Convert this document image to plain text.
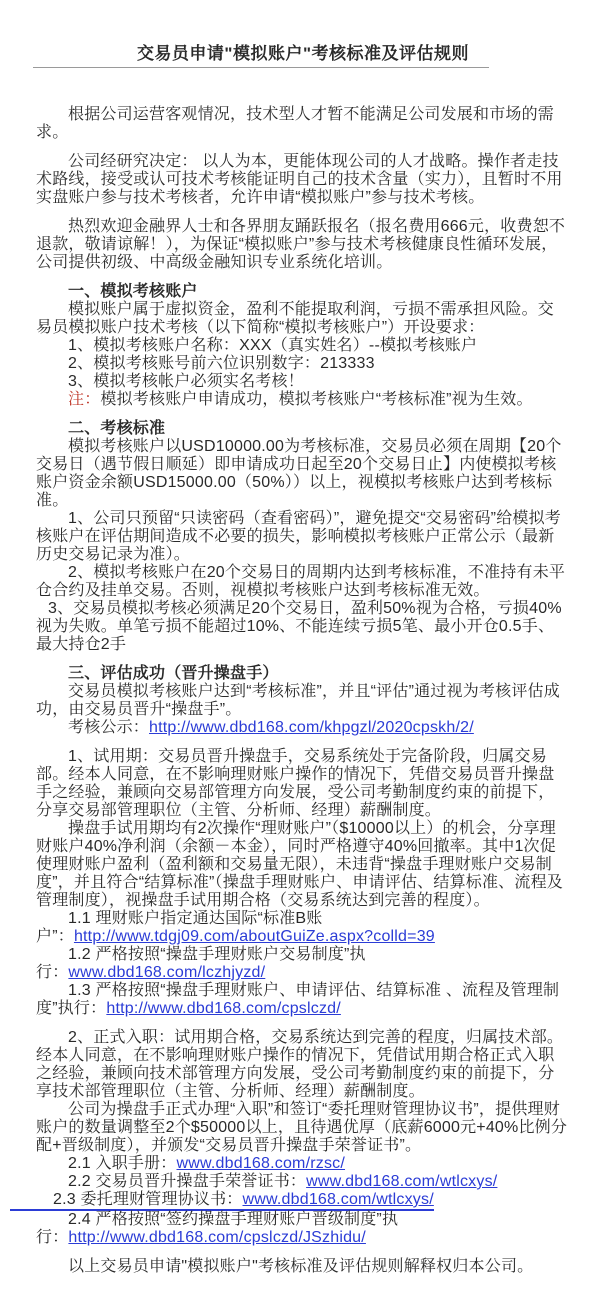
交易员申请"模拟账户"考核标准及评估规则

根据公司运营客观情况，技术型人才暂不能满足公司发展和市场的需求。

公司经研究决定： 以人为本，更能体现公司的人才战略。操作者走技术路线，接受或认可技术考核能证明自己的技术含量（实力），且暂时不用实盘账户参与技术考核者，允许申请“模拟账户”参与技术考核。

热烈欢迎金融界人士和各界朋友踊跃报名（报名费用666元，收费恕不退款，敬请谅解！），为保证“模拟账户”参与技术考核健康良性循环发展，公司提供初级、中高级金融知识专业系统化培训。

一、模拟考核账户

模拟账户属于虚拟资金，盈利不能提取利润，亏损不需承担风险。交易员模拟账户技术考核（以下简称“模拟考核账户”）开设要求：

1、模拟考核账户名称：XXX（真实姓名）--模拟考核账户

2、模拟考核账号前六位识别数字：213333

3、模拟考核帐户必须实名考核！

注：模拟考核账户申请成功，模拟考核账户“考核标准”视为生效。

二、考核标准

模拟考核账户以USD10000.00为考核标准，交易员必须在周期【20个交易日（遇节假日顺延）即申请成功日起至20个交易日止】内使模拟考核账户资金余额USD15000.00（50%））以上，视模拟考核账户达到考核标准。

1、公司只预留“只读密码（查看密码）”，避免提交“交易密码”给模拟考核账户在评估期间造成不必要的损失，影响模拟考核账户正常公示（最新历史交易记录为准）。

2、模拟考核账户在20个交易日的周期内达到考核标准，不准持有未平仓合约及挂单交易。否则，视模拟考核账户达到考核标准无效。

3、交易员模拟考核必须满足20个交易日，盈利50%视为合格，亏损40%视为失败。单笔亏损不能超过10%、不能连续亏损5笔、最小开仓0.5手、最大持仓2手

三、评估成功（晋升操盘手）

交易员模拟考核账户达到“考核标准”，并且“评估”通过视为考核评估成功，由交易员晋升“操盘手”。

考核公示：http://www.dbd168.com/khpgzl/2020cpskh/2/

1、试用期：交易员晋升操盘手，交易系统处于完备阶段，归属交易部。经本人同意，在不影响理财账户操作的情况下，凭借交易员晋升操盘手之经验，兼顾向交易部管理方向发展，受公司考勤制度约束的前提下，分享交易部管理职位（主管、分析师、经理）薪酬制度。

操盘手试用期均有2次操作“理财账户”（$10000以上）的机会，分享理财账户40%净利润（余额－本金），同时严格遵守40%回撤率。其中1次促使理财账户盈利（盈利额和交易量无限），未违背“操盘手理财账户交易制度”，并且符合“结算标准”（操盘手理财账户、申请评估、结算标准、流程及管理制度），视操盘手试用期合格（交易系统达到完善的程度）。

1.1 理财账户指定通达国际“标准B账
户”：http://www.tdgj09.com/aboutGuiZe.aspx?colld=39

1.2 严格按照“操盘手理财账户交易制度”执
行：www.dbd168.com/lczhjyzd/

1.3 严格按照“操盘手理财账户、申请评估、结算标准 、流程及管理制
度”执行：http://www.dbd168.com/cpslczd/

2、正式入职：试用期合格，交易系统达到完善的程度，归属技术部。经本人同意，在不影响理财账户操作的情况下，凭借试用期合格正式入职之经验，兼顾向技术部管理方向发展，受公司考勤制度约束的前提下，分享技术部管理职位（主管、分析师、经理）薪酬制度。

公司为操盘手正式办理“入职”和签订“委托理财管理协议书”，提供理财账户的数量调整至2个$50000以上，且待遇优厚（底薪6000元+40%比例分配+晋级制度），并颁发“交易员晋升操盘手荣誉证书”。

2.1 入职手册：www.dbd168.com/rzsc/

2.2 交易员晋升操盘手荣誉证书：www.dbd168.com/wtlcxys/

2.3 委托理财管理协议书：www.dbd168.com/wtlcxys/

2.4 严格按照“签约操盘手理财账户晋级制度”执
行：http://www.dbd168.com/cpslczd/JSzhidu/

以上交易员申请"模拟账户"考核标准及评估规则解释权归本公司。
